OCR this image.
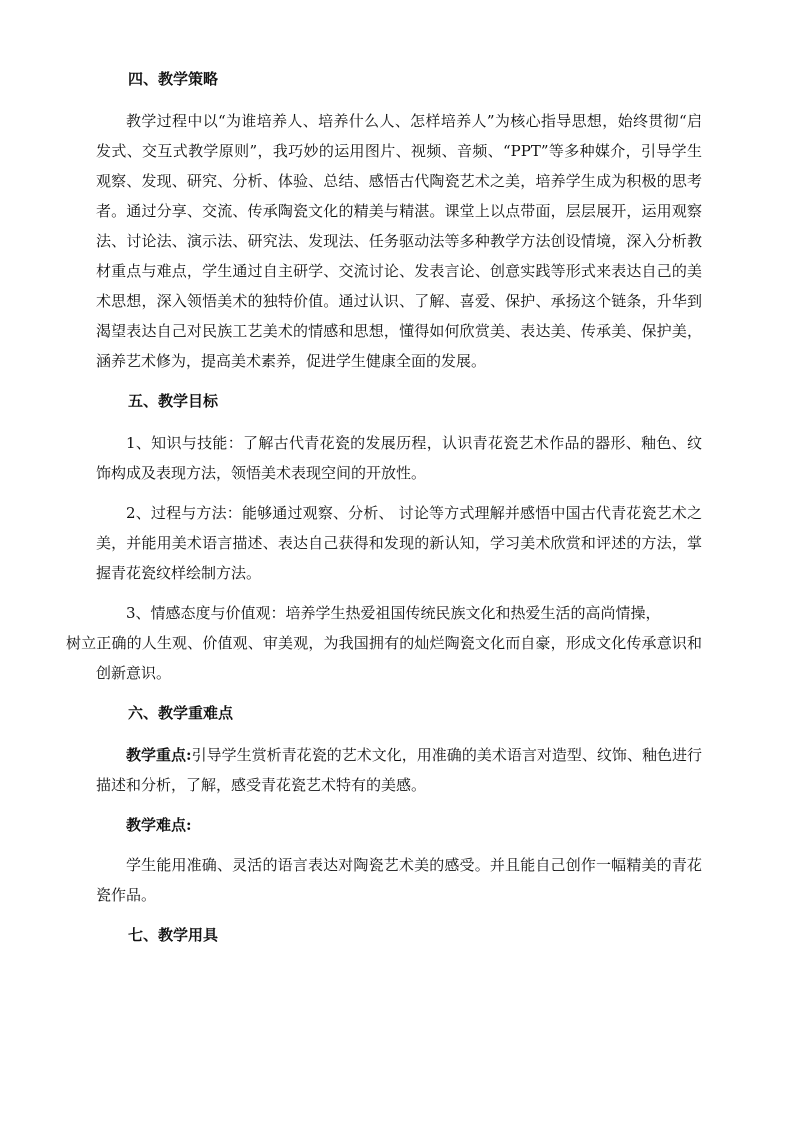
四、教学策略

教学过程中以“为谁培养人、培养什么人、怎样培养人”为核心指导思想，始终贯彻“启发式、交互式教学原则”，我巧妙的运用图片、视频、音频、“PPT”等多种媒介，引导学生观察、发现、研究、分析、体验、总结、感悟古代陶瓷艺术之美，培养学生成为积极的思考者。通过分享、交流、传承陶瓷文化的精美与精湛。课堂上以点带面，层层展开，运用观察法、讨论法、演示法、研究法、发现法、任务驱动法等多种教学方法创设情境，深入分析教材重点与难点，学生通过自主研学、交流讨论、发表言论、创意实践等形式来表达自己的美术思想，深入领悟美术的独特价值。通过认识、了解、喜爱、保护、承扬这个链条，升华到渴望表达自己对民族工艺美术的情感和思想，懂得如何欣赏美、表达美、传承美、保护美，涵养艺术修为，提高美术素养，促进学生健康全面的发展。

五、教学目标

1、知识与技能：了解古代青花瓷的发展历程，认识青花瓷艺术作品的器形、釉色、纹饰构成及表现方法，领悟美术表现空间的开放性。

2、过程与方法：能够通过观察、分析、 讨论等方式理解并感悟中国古代青花瓷艺术之美，并能用美术语言描述、表达自己获得和发现的新认知，学习美术欣赏和评述的方法，掌握青花瓷纹样绘制方法。

3、情感态度与价值观：培养学生热爱祖国传统民族文化和热爱生活的高尚情操，
树立正确的人生观、价值观、审美观，为我国拥有的灿烂陶瓷文化而自豪，形成文化传承意识和创新意识。
六、教学重难点

教学重点:引导学生赏析青花瓷的艺术文化，用准确的美术语言对造型、纹饰、釉色进行描述和分析，了解，感受青花瓷艺术特有的美感。

教学难点:

学生能用准确、灵活的语言表达对陶瓷艺术美的感受。并且能自己创作一幅精美的青花瓷作品。

七、教学用具
